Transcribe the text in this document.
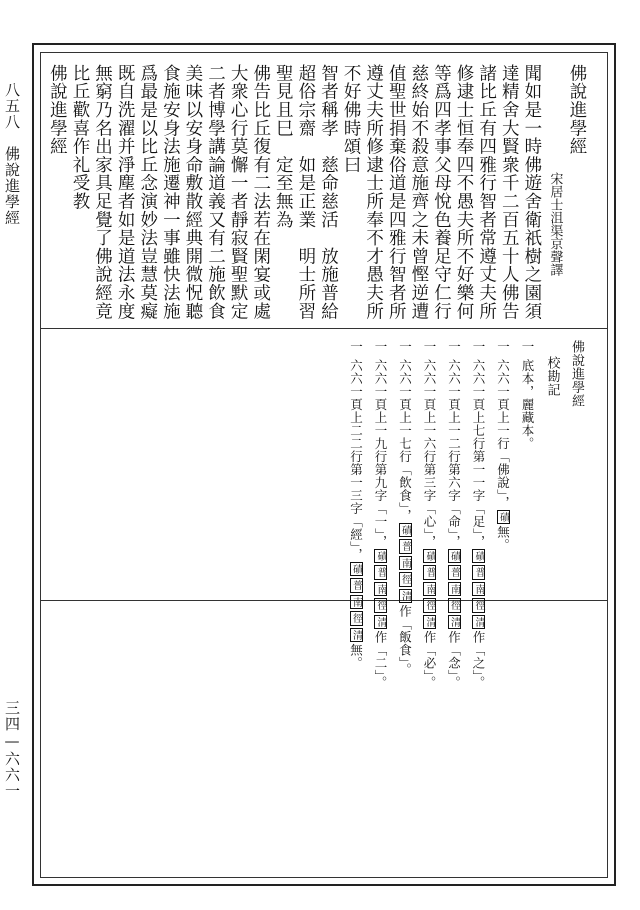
八五八　佛說進學經
三四—六六一
佛說進學經
宋居士沮渠京聲譯
聞如是一時佛遊舍衛祇樹之園須
達精舍大賢衆千二百五十人佛告
諸比丘有四雅行智者常遵丈夫所
修逮士恒奉四不愚夫所不好樂何
等爲四孝事父母悅色養足守仁行
慈終始不殺意施齊之未曾慳逆遭
值聖世捐棄俗道是四雅行智者所
遵丈夫所修逮士所奉不才愚夫所
不好佛時頌曰
智者稱孝　慈命慈活　放施普給
超俗宗齋　如是正業　明士所習
聖見且巳　定至無為
佛告比丘復有二法若在閑宴或處
大衆心行莫懈一者靜寂賢聖默定
二者博學講論道義又有二施飲食
美味以安身命敷散經典開微怳聽
食施安身法施遷神一事雖快法施
爲最是以比丘念演妙法豈慧莫癡
既自洗濯并淨塵者如是道法永度
無窮乃名出家具足覺了佛說經竟
比丘歡喜作礼受教
佛說進學經
佛說進學經
校勘記
一底本，麗藏本。
一六六一頁上一行「佛說」，磧無。
一六六一頁上七行第一一字「足」，磧普南徑清作「之」。
一六六一頁上一二行第六字「命」，磧普南徑清作「念」。
一六六一頁上一六行第三字「心」，磧普南徑清作「必」。
一六六一頁上一七行「飲食」，磧普南徑清作「飯食」。
一六六一頁上一九行第九字「一」，磧普南徑清作「二」。
一六六一頁上二二行第一三字「經」，磧普南徑清無。
